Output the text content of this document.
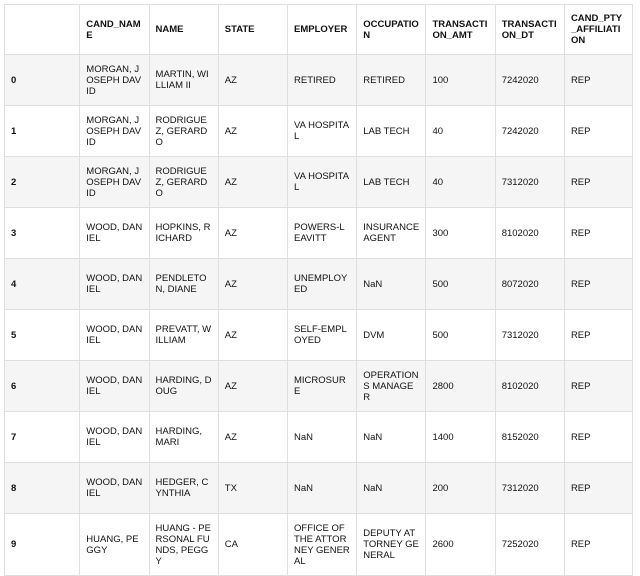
	CAND_NAME	NAME	STATE	EMPLOYER	OCCUPATION	TRANSACTION_AMT	TRANSACTION_DT	CAND_PTY_AFFILIATION
0	MORGAN, JOSEPH DAVID	MARTIN, WILLIAM II	AZ	RETIRED	RETIRED	100	7242020	REP
1	MORGAN, JOSEPH DAVID	RODRIGUEZ, GERARDO	AZ	VA HOSPITAL	LAB TECH	40	7242020	REP
2	MORGAN, JOSEPH DAVID	RODRIGUEZ, GERARDO	AZ	VA HOSPITAL	LAB TECH	40	7312020	REP
3	WOOD, DANIEL	HOPKINS, RICHARD	AZ	POWERS-LEAVITT	INSURANCE AGENT	300	8102020	REP
4	WOOD, DANIEL	PENDLETON, DIANE	AZ	UNEMPLOYED	NaN	500	8072020	REP
5	WOOD, DANIEL	PREVATT, WILLIAM	AZ	SELF-EMPLOYED	DVM	500	7312020	REP
6	WOOD, DANIEL	HARDING, DOUG	AZ	MICROSURE	OPERATIONS MANAGER	2800	8102020	REP
7	WOOD, DANIEL	HARDING, MARI	AZ	NaN	NaN	1400	8152020	REP
8	WOOD, DANIEL	HEDGER, CYNTHIA	TX	NaN	NaN	200	7312020	REP
9	HUANG, PEGGY	HUANG - PERSONAL FUNDS, PEGGY	CA	OFFICE OF THE ATTORNEY GENERAL	DEPUTY ATTORNEY GENERAL	2600	7252020	REP
